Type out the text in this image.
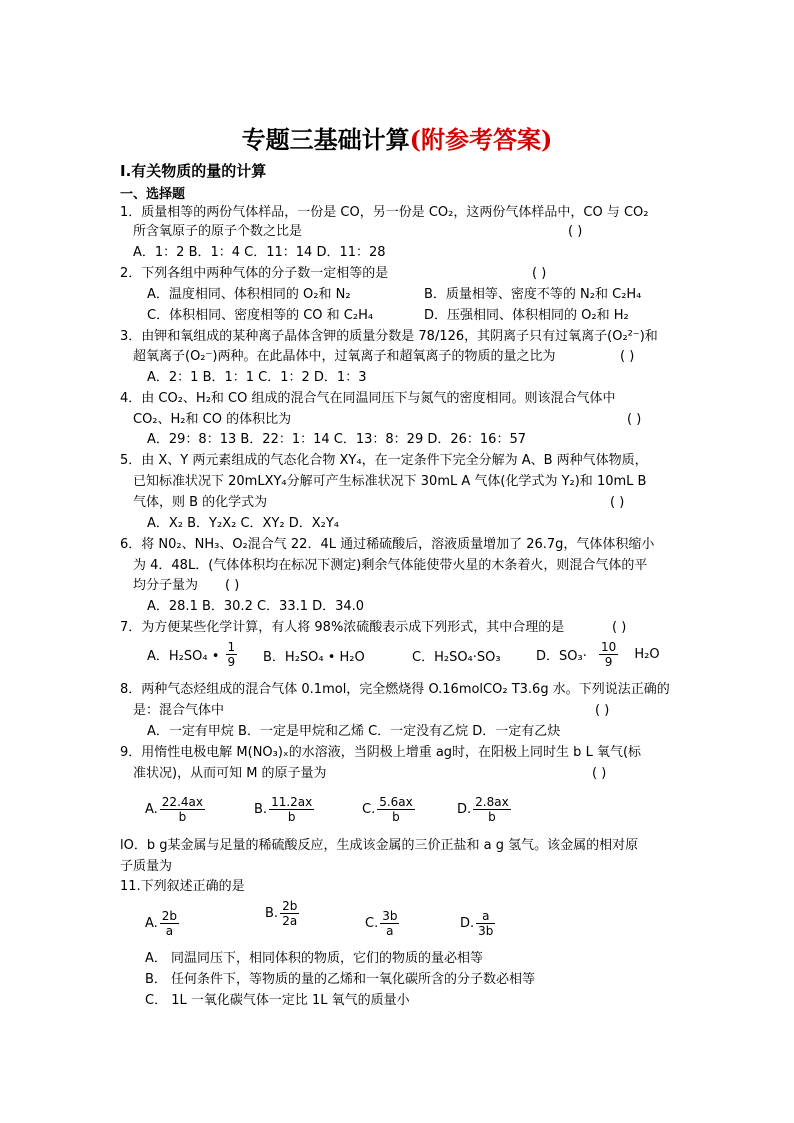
专题三基础计算(附参考答案)
Ⅰ.有关物质的量的计算
一、选择题
1．质量相等的两份气体样品，一份是 CO，另一份是 CO₂，这两份气体样品中，CO 与 CO₂
所含氧原子的原子个数之比是	( )
A．1：2 B．1：4 C．11：14 D．11：28
2．下列各组中两种气体的分子数一定相等的是	( )
A．温度相同、体积相同的 O₂和 N₂	B．质量相等、密度不等的 N₂和 C₂H₄
C．体积相同、密度相等的 CO 和 C₂H₄	D．压强相同、体积相同的 O₂和 H₂
3．由钾和氧组成的某种离子晶体含钾的质量分数是 78/126，其阴离子只有过氧离子(O₂²⁻)和
超氧离子(O₂⁻)两种。在此晶体中，过氧离子和超氧离子的物质的量之比为	( )
A．2：1 B．1：1 C．1：2 D．1：3
4．由 CO₂、H₂和 CO 组成的混合气在同温同压下与氮气的密度相同。则该混合气体中
CO₂、H₂和 CO 的体积比为	( )
A．29：8：13 B．22：1：14 C．13：8：29 D．26：16：57
5．由 X、Y 两元素组成的气态化合物 XY₄，在一定条件下完全分解为 A、B 两种气体物质，
已知标准状况下 20mLXY₄分解可产生标准状况下 30mL A 气体(化学式为 Y₂)和 10mL B
气体，则 B 的化学式为	( )
A．X₂ B．Y₂X₂ C．XY₂ D．X₂Y₄
6．将 N0₂、NH₃、O₂混合气 22．4L 通过稀硫酸后，溶液质量增加了 26.7g，气体体积缩小
为 4．48L．(气体体积均在标况下测定)剩余气体能使带火星的木条着火，则混合气体的平
均分子量为 ( )
A．28.1 B．30.2 C．33.1 D．34.0
7．为方便某些化学计算，有人将 98%浓硫酸表示成下列形式，其中合理的是	( )
A．H₂SO₄ • $\frac{1}{9}$ B．H₂SO₄ • H₂O	C．H₂SO₄·SO₃	D．$SO_3\cdot \frac{10}{9} H_2O$
8．两种气态烃组成的混合气体 0.1mol，完全燃烧得 O.16molCO₂ T3.6g 水。下列说法正确的
是：混合气体中	( )
A．一定有甲烷 B．一定是甲烷和乙烯 C．一定没有乙烷 D．一定有乙炔
9．用惰性电极电解 M(NO₃)ₓ的水溶液，当阴极上增重 ag时，在阳极上同时生 b L 氧气(标
准状况)，从而可知 M 的原子量为	( )
A. $\frac{22.4ax}{b}$	B. $\frac{11.2ax}{b}$	C. $\frac{5.6ax}{b}$	D. $\frac{2.8ax}{b}$
lO．b g某金属与足量的稀硫酸反应，生成该金属的三价正盐和 a g 氢气。该金属的相对原
子质量为
11.下列叙述正确的是
A. $\frac{2b}{a}$	B. $\frac{2b}{2a}$	C. $\frac{3b}{a}$	D. $\frac{a}{3b}$
A． 同温同压下，相同体积的物质，它们的物质的量必相等
B． 任何条件下，等物质的量的乙烯和一氧化碳所含的分子数必相等
C． 1L 一氧化碳气体一定比 1L 氧气的质量小
